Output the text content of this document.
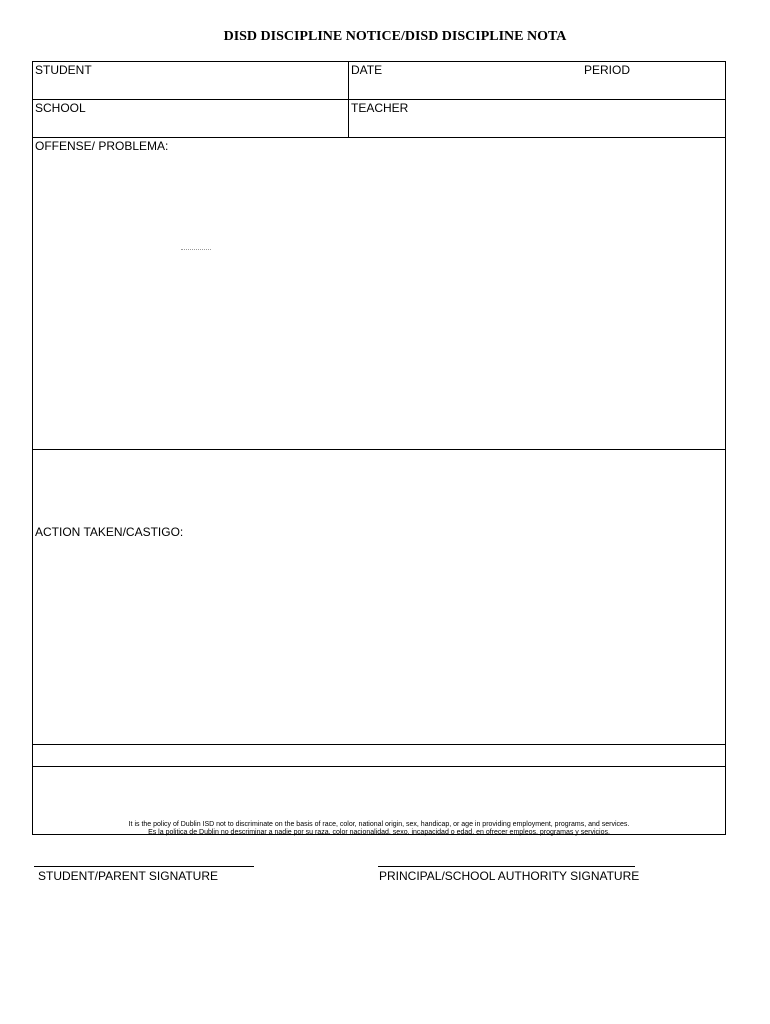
DISD DISCIPLINE NOTICE/DISD DISCIPLINE NOTA
STUDENT	DATE	PERIOD
SCHOOL	TEACHER
OFFENSE/ PROBLEMA:
ACTION TAKEN/CASTIGO:
It is the policy of Dublin ISD not to discriminate on the basis of race, color, national origin, sex, handicap, or age in providing employment, programs, and services.
Es la politica de Dublin no descriminar a nadie por su raza, color nacionalidad, sexo, incapacidad o edad, en ofrecer empleos, programas y servicios.
STUDENT/PARENT SIGNATURE	PRINCIPAL/SCHOOL AUTHORITY SIGNATURE
